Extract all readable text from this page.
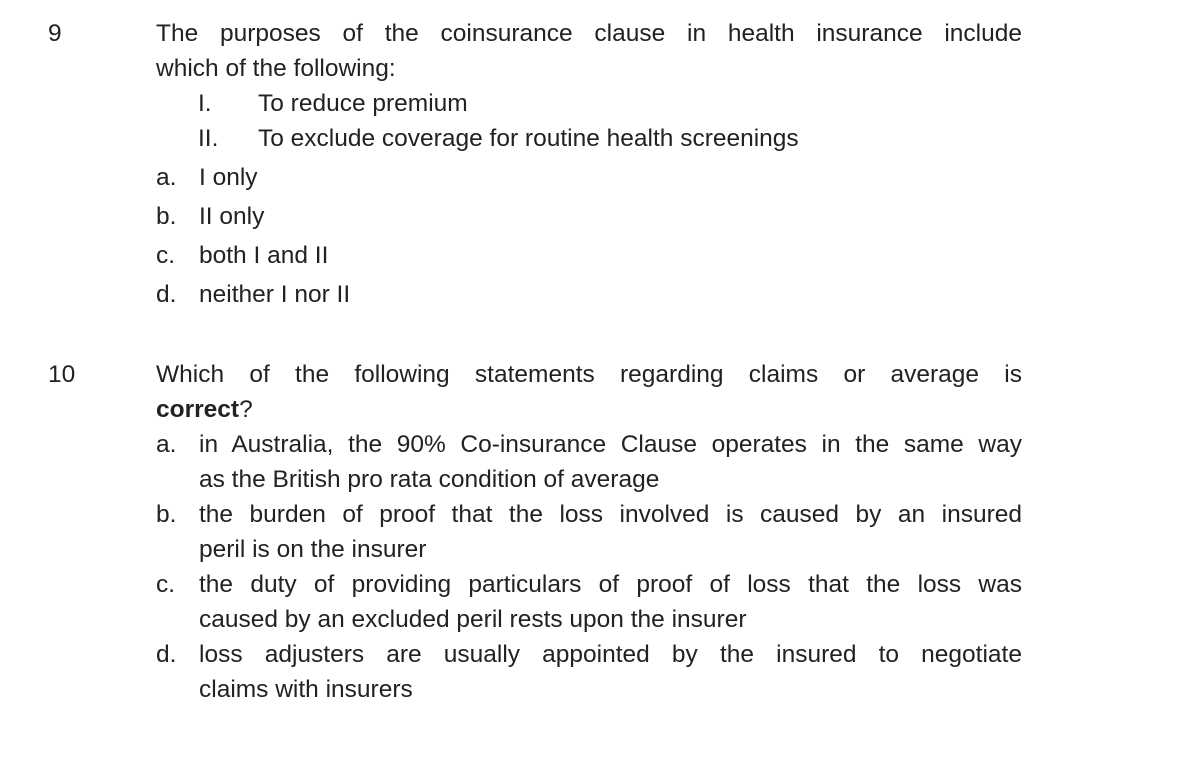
9	The purposes of the coinsurance clause in health insurance include
which of the following:
I.	To reduce premium
II.	To exclude coverage for routine health screenings
a. I only
b. II only
c. both I and II
d. neither I nor II
10	Which of the following statements regarding claims or average is
correct?
a. in Australia, the 90% Co-insurance Clause operates in the same way
as the British pro rata condition of average
b. the burden of proof that the loss involved is caused by an insured
peril is on the insurer
c. the duty of providing particulars of proof of loss that the loss was
caused by an excluded peril rests upon the insurer
d. loss adjusters are usually appointed by the insured to negotiate
claims with insurers
